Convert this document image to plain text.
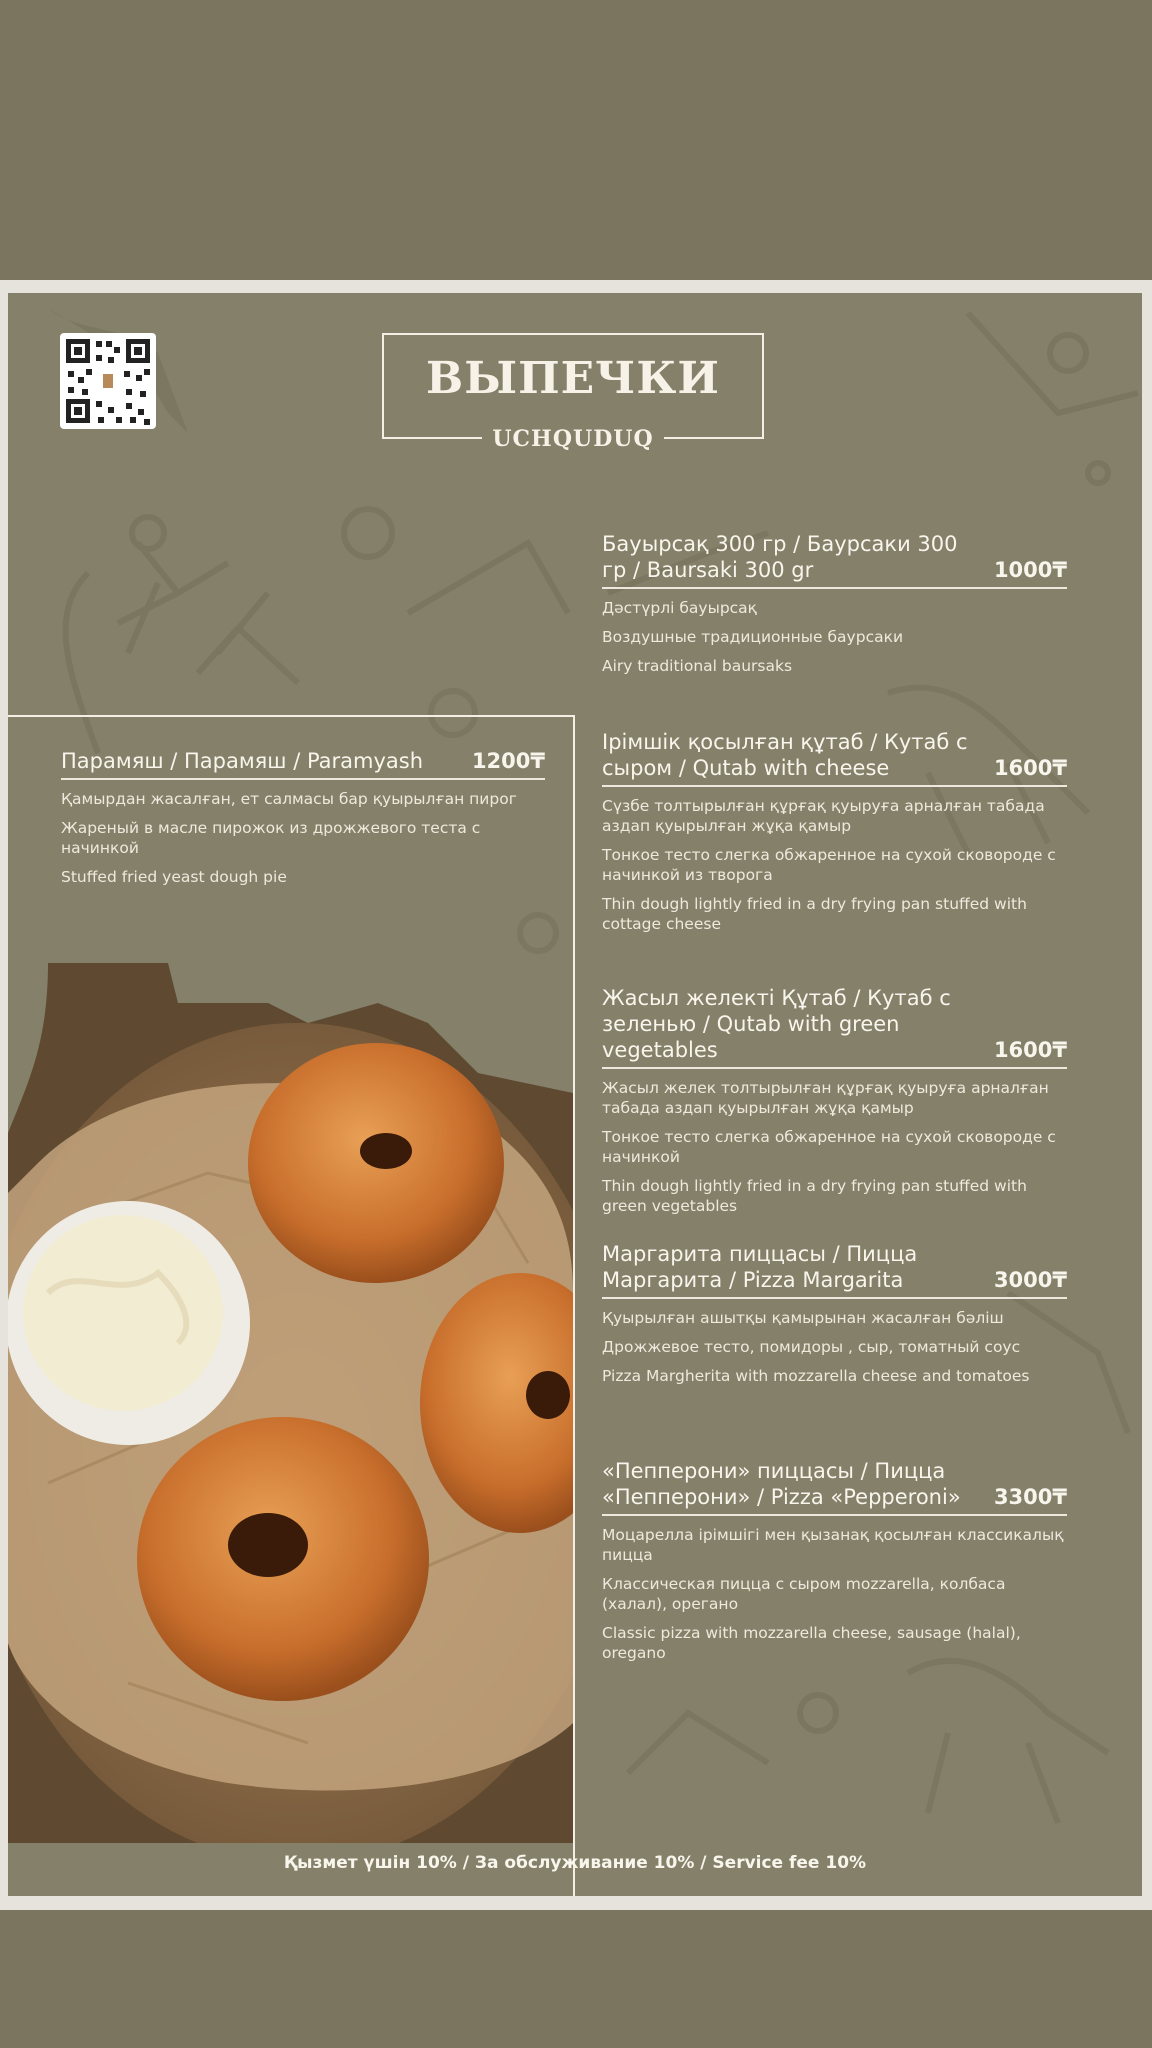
ВЫПЕЧКИ
UCHQUDUQ
Бауырсақ 300 гр / Баурсаки 300 гр / Baursaki 300 gr	1000₸
Дәстүрлі бауырсақ
Воздушные традиционные баурсаки
Airy traditional baursaks
Парамяш / Парамяш / Paramyash 1200₸
Қамырдан жасалған, ет салмасы бар қуырылған пирог
Жареный в масле пирожок из дрожжевого теста с начинкой
Stuffed fried yeast dough pie
Ірімшік қосылған құтаб / Кутаб с сыром / Qutab with cheese	1600₸
Сүзбе толтырылған құрғақ қуыруға арналған табада аздап қуырылған жұқа қамыр
Тонкое тесто слегка обжаренное на сухой сковороде с начинкой из творога
Thin dough lightly fried in a dry frying pan stuffed with cottage cheese
Жасыл желекті Құтаб / Кутаб с зеленью / Qutab with green vegetables	1600₸
Жасыл желек толтырылған құрғақ қуыруға арналған табада аздап қуырылған жұқа қамыр
Тонкое тесто слегка обжаренное на сухой сковороде с начинкой
Thin dough lightly fried in a dry frying pan stuffed with green vegetables
Маргарита пиццасы / Пицца Маргарита / Pizza Margarita	3000₸
Қуырылған ашытқы қамырынан жасалған бәліш
Дрожжевое тесто, помидоры , сыр, томатный соус
Pizza Margherita with mozzarella cheese and tomatoes
«Пепперони» пиццасы / Пицца «Пепперони» / Pizza «Pepperoni»	3300₸
Моцарелла ірімшігі мен қызанақ қосылған классикалық пицца
Классическая пицца с сыром mozzarella, колбаса (халал), орегано
Classic pizza with mozzarella cheese, sausage (halal), oregano
Қызмет үшін 10% / За обслуживание 10% / Service fee 10%
